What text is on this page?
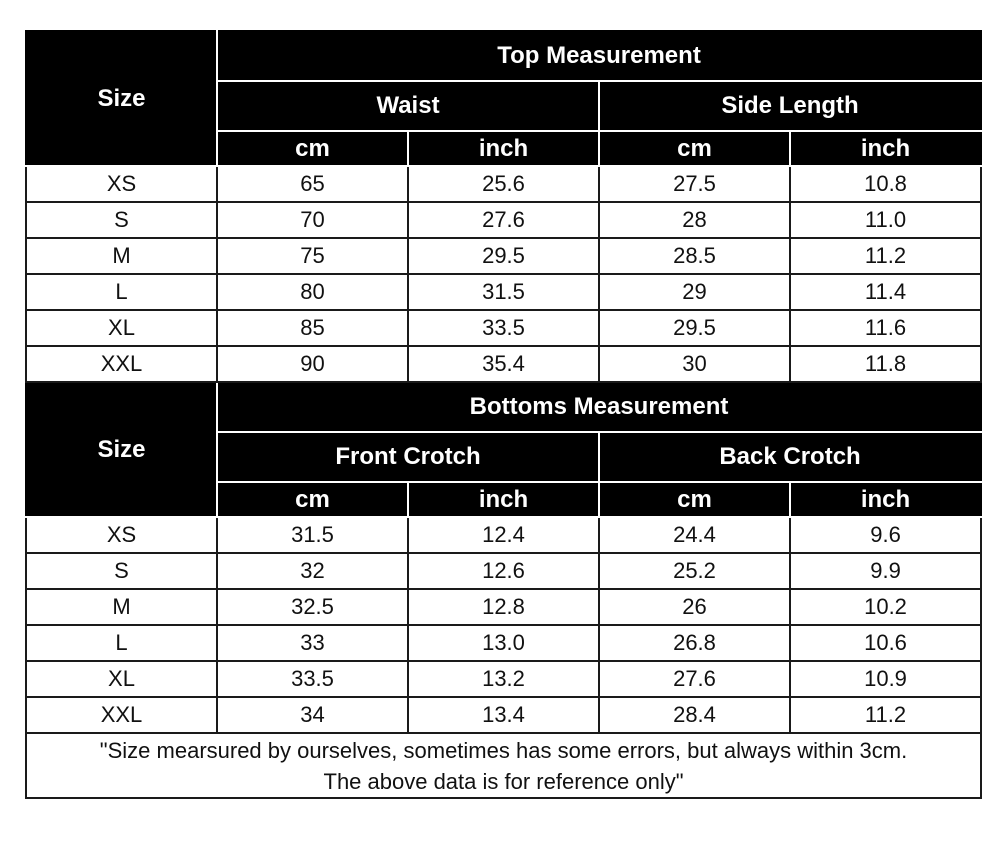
Size	Top Measurement			
	Waist		Side Length	
	cm	inch	cm	inch
XS	65	25.6	27.5	10.8
S	70	27.6	28	11.0
M	75	29.5	28.5	11.2
L	80	31.5	29	11.4
XL	85	33.5	29.5	11.6
XXL	90	35.4	30	11.8
Size	Bottoms Measurement			
	Front Crotch		Back Crotch	
	cm	inch	cm	inch
XS	31.5	12.4	24.4	9.6
S	32	12.6	25.2	9.9
M	32.5	12.8	26	10.2
L	33	13.0	26.8	10.6
XL	33.5	13.2	27.6	10.9
XXL	34	13.4	28.4	11.2

"Size mearsured by ourselves, sometimes has some errors, but always within 3cm.
The above data is for reference only"				
